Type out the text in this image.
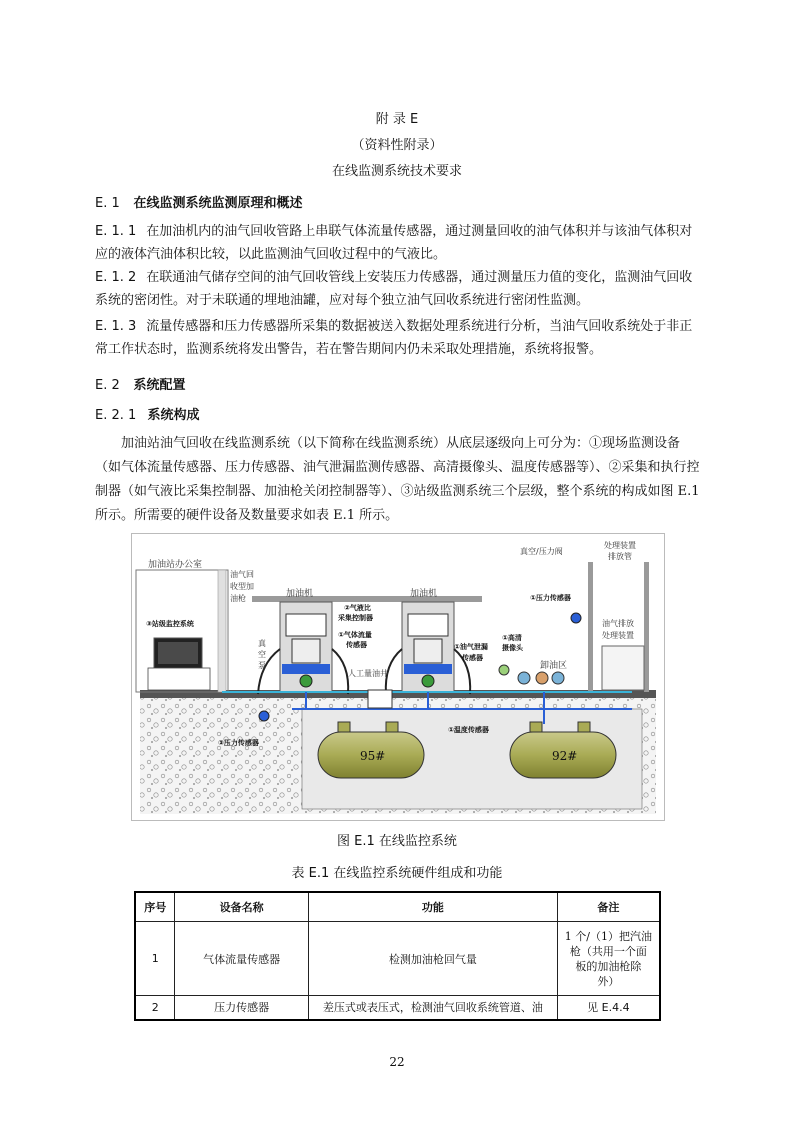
附 录 E
（资料性附录）
在线监测系统技术要求
E. 1 在线监测系统监测原理和概述
E. 1. 1 在加油机内的油气回收管路上串联气体流量传感器，通过测量回收的油气体积并与该油气体积对应的液体汽油体积比较，以此监测油气回收过程中的气液比。
E. 1. 2 在联通油气储存空间的油气回收管线上安装压力传感器，通过测量压力值的变化，监测油气回收系统的密闭性。对于未联通的埋地油罐，应对每个独立油气回收系统进行密闭性监测。
E. 1. 3 流量传感器和压力传感器所采集的数据被送入数据处理系统进行分析，当油气回收系统处于非正常工作状态时，监测系统将发出警告，若在警告期间内仍未采取处理措施，系统将报警。
E. 2 系统配置
E. 2. 1 系统构成
加油站油气回收在线监测系统（以下简称在线监测系统）从底层逐级向上可分为：①现场监测设备（如气体流量传感器、压力传感器、油气泄漏监测传感器、高清摄像头、温度传感器等）、②采集和执行控制器（如气液比采集控制器、加油枪关闭控制器等）、③站级监测系统三个层级，整个系统的构成如图 E.1 所示。所需要的硬件设备及数量要求如表 E.1 所示。
加油站办公室
③站级监控系统
加油机	加油机
油气回
收型加
油枪
真
空
泵
②气液比
采集控制器
①气体流量
传感器
人工量油井
①油气泄漏
传感器
①高清
摄像头
卸油区
真空/压力阀
处理装置
排放管
①压力传感器
油气排放
处理装置
95#	92#
①压力传感器
①温度传感器
图 E.1 在线监控系统
表 E.1 在线监控系统硬件组成和功能
序号	设备名称	功能	备注
1	气体流量传感器	检测加油枪回气量	1 个/（1）把汽油
枪（共用一个面
板的加油枪除
外）

2	压力传感器	差压式或表压式，检测油气回收系统管道、油	见 E.4.4
22
